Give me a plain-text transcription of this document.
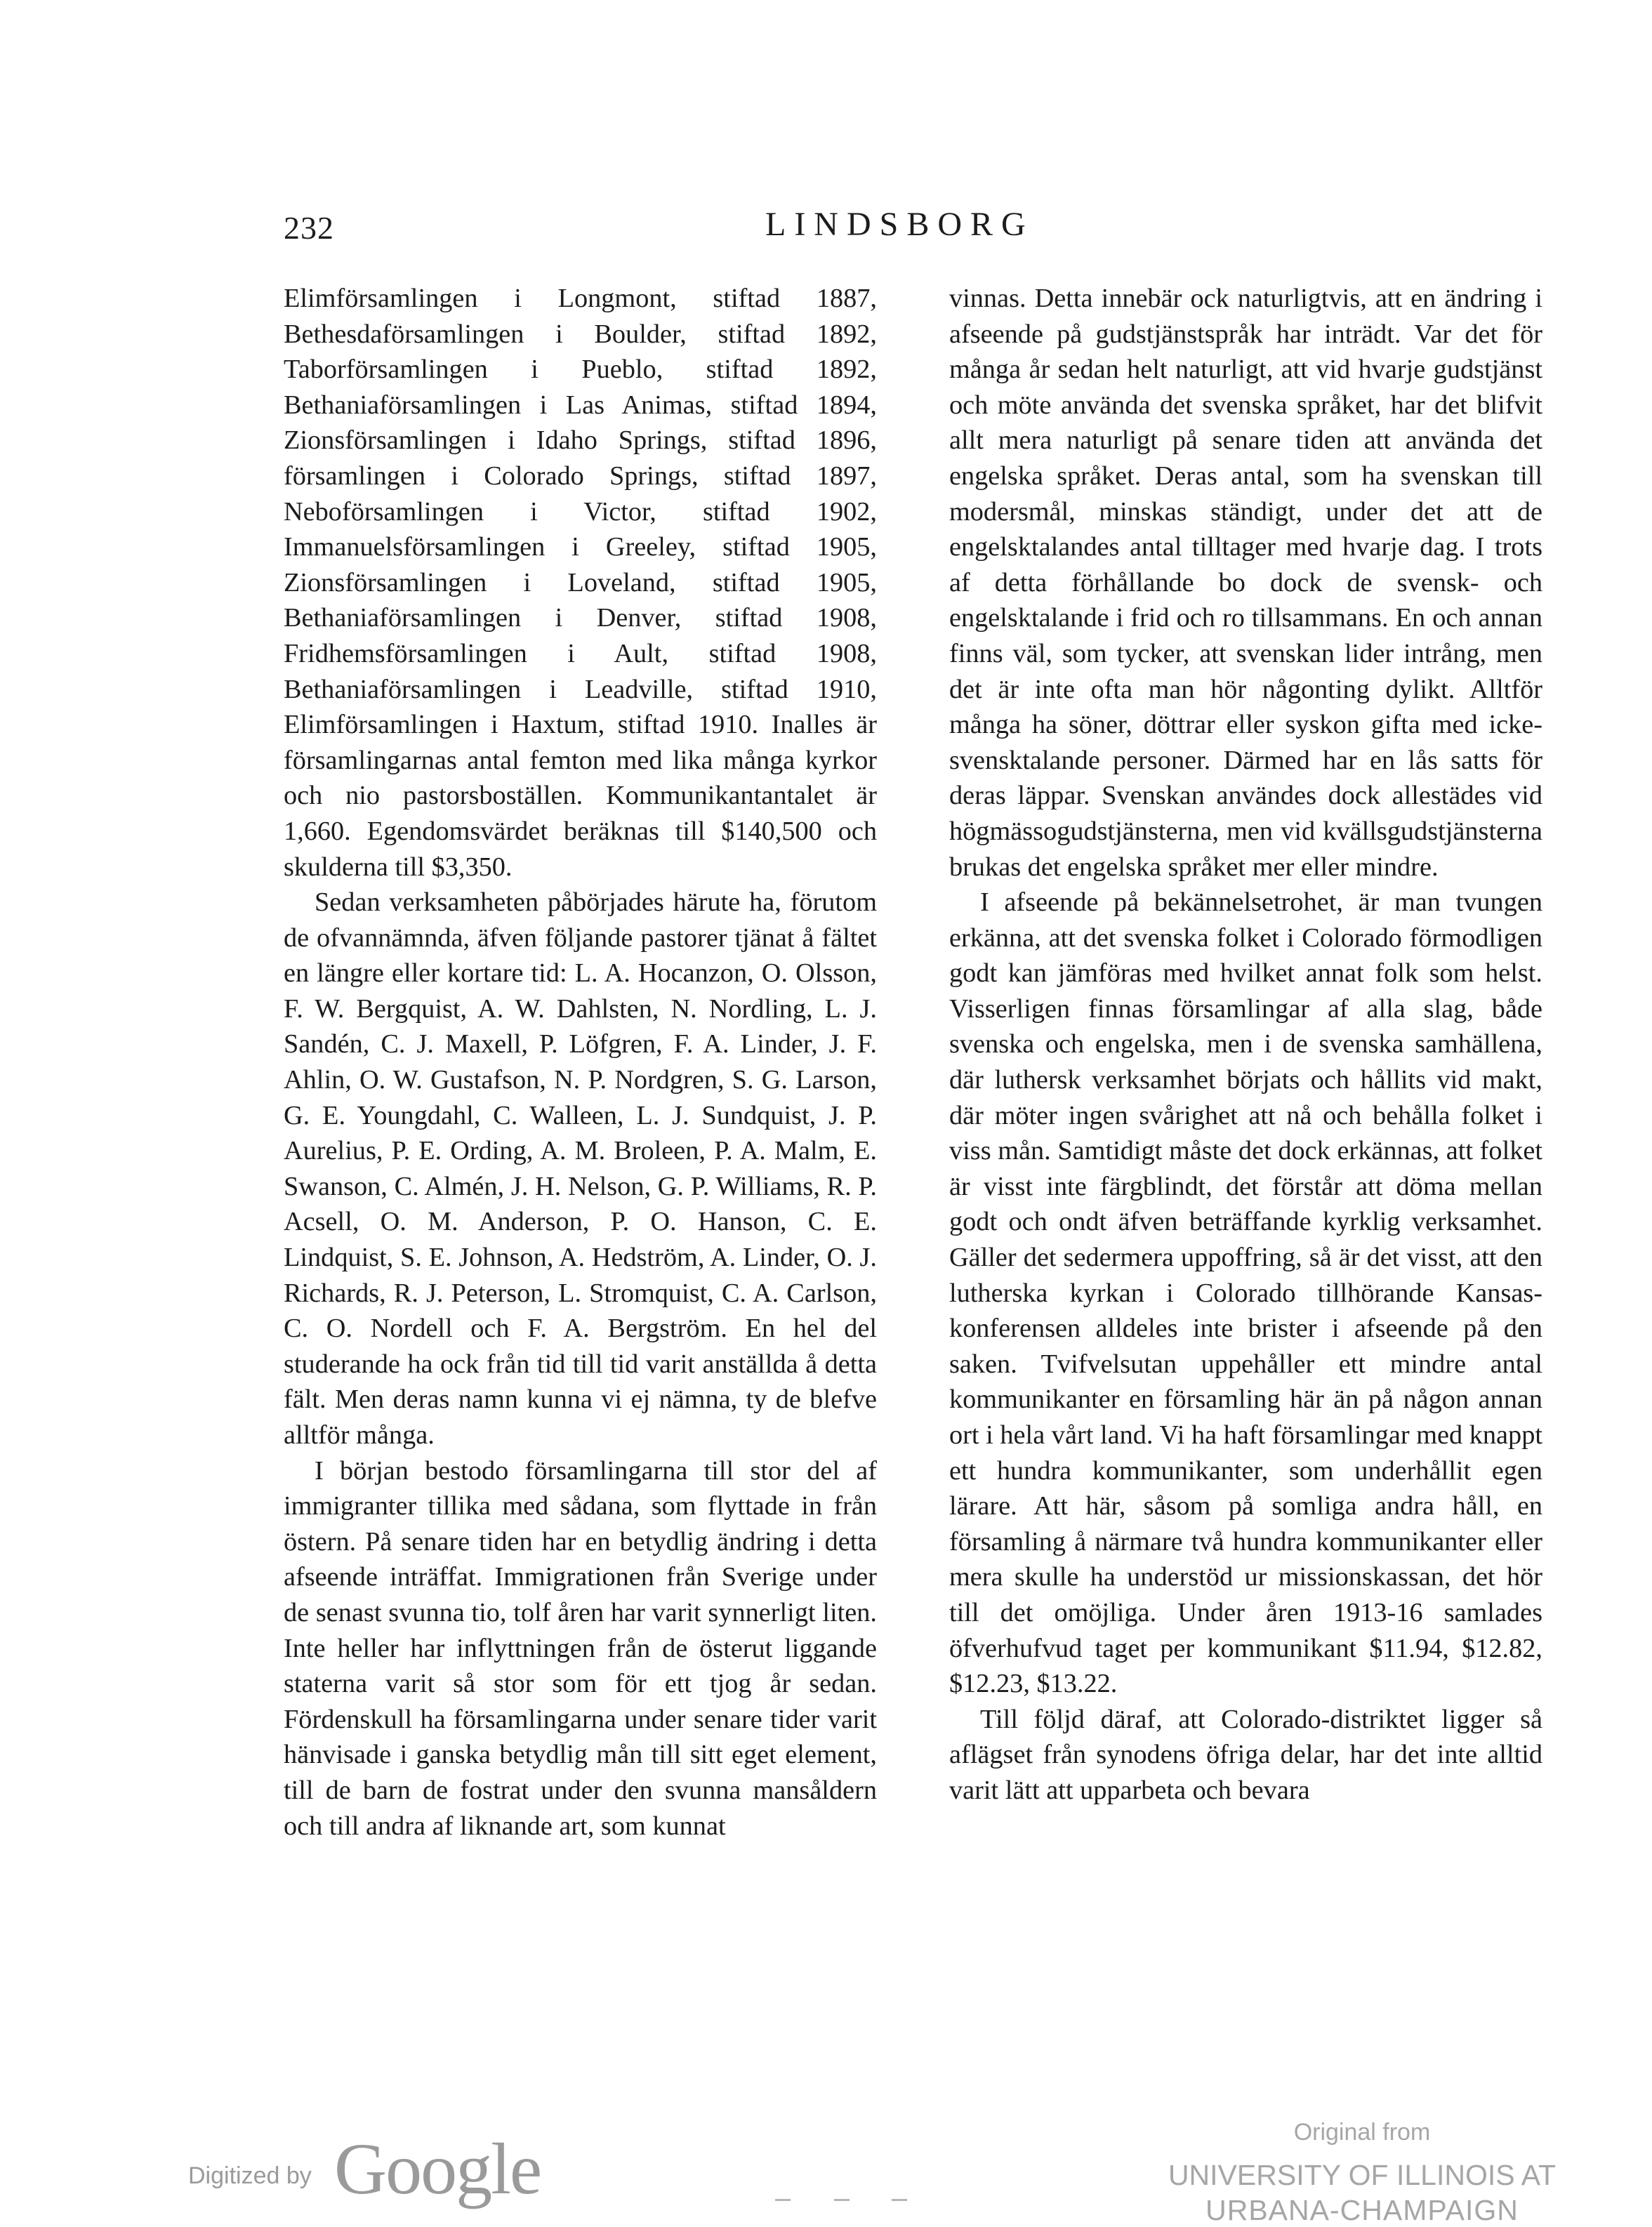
232	LINDSBORG

Elimförsamlingen i Longmont, stiftad 1887, Bethesdaförsamlingen i Boulder, stiftad 1892, Taborförsamlingen i Pueblo, stiftad 1892, Bethaniaförsamlingen i Las Animas, stiftad 1894, Zionsförsamlingen i Idaho Springs, stiftad 1896, församlingen i Colorado Springs, stiftad 1897, Neboförsamlingen i Victor, stiftad 1902, Immanuelsförsamlingen i Greeley, stiftad 1905, Zionsförsamlingen i Loveland, stiftad 1905, Bethaniaförsamlingen i Denver, stiftad 1908, Fridhemsförsamlingen i Ault, stiftad 1908, Bethaniaförsamlingen i Leadville, stiftad 1910, Elimförsamlingen i Haxtum, stiftad 1910. Inalles är församlingarnas antal femton med lika många kyrkor och nio pastorsboställen. Kommunikantantalet är 1,660. Egendomsvärdet beräknas till $140,500 och skulderna till $3,350.

Sedan verksamheten påbörjades härute ha, förutom de ofvannämnda, äfven följande pastorer tjänat å fältet en längre eller kortare tid: L. A. Hocanzon, O. Olsson, F. W. Bergquist, A. W. Dahlsten, N. Nordling, L. J. Sandén, C. J. Maxell, P. Löfgren, F. A. Linder, J. F. Ahlin, O. W. Gustafson, N. P. Nordgren, S. G. Larson, G. E. Youngdahl, C. Walleen, L. J. Sundquist, J. P. Aurelius, P. E. Ording, A. M. Broleen, P. A. Malm, E. Swanson, C. Almén, J. H. Nelson, G. P. Williams, R. P. Acsell, O. M. Anderson, P. O. Hanson, C. E. Lindquist, S. E. Johnson, A. Hedström, A. Linder, O. J. Richards, R. J. Peterson, L. Stromquist, C. A. Carlson, C. O. Nordell och F. A. Bergström. En hel del studerande ha ock från tid till tid varit anställda å detta fält. Men deras namn kunna vi ej nämna, ty de blefve alltför många.

I början bestodo församlingarna till stor del af immigranter tillika med sådana, som flyttade in från östern. På senare tiden har en betydlig ändring i detta afseende inträffat. Immigrationen från Sverige under de senast svunna tio, tolf åren har varit synnerligt liten. Inte heller har inflyttningen från de österut liggande staterna varit så stor som för ett tjog år sedan. Fördenskull ha församlingarna under senare tider varit hänvisade i ganska betydlig mån till sitt eget element, till de barn de fostrat under den svunna mansåldern och till andra af liknande art, som kunnat

vinnas. Detta innebär ock naturligtvis, att en ändring i afseende på gudstjänstspråk har inträdt. Var det för många år sedan helt naturligt, att vid hvarje gudstjänst och möte använda det svenska språket, har det blifvit allt mera naturligt på senare tiden att använda det engelska språket. Deras antal, som ha svenskan till modersmål, minskas ständigt, under det att de engelsktalandes antal tilltager med hvarje dag. I trots af detta förhållande bo dock de svensk- och engelsktalande i frid och ro tillsammans. En och annan finns väl, som tycker, att svenskan lider intrång, men det är inte ofta man hör någonting dylikt. Alltför många ha söner, döttrar eller syskon gifta med icke-svensktalande personer. Därmed har en lås satts för deras läppar. Svenskan användes dock allestädes vid högmässogudstjänsterna, men vid kvällsgudstjänsterna brukas det engelska språket mer eller mindre.

I afseende på bekännelsetrohet, är man tvungen erkänna, att det svenska folket i Colorado förmodligen godt kan jämföras med hvilket annat folk som helst. Visserligen finnas församlingar af alla slag, både svenska och engelska, men i de svenska samhällena, där luthersk verksamhet börjats och hållits vid makt, där möter ingen svårighet att nå och behålla folket i viss mån. Samtidigt måste det dock erkännas, att folket är visst inte färgblindt, det förstår att döma mellan godt och ondt äfven beträffande kyrklig verksamhet. Gäller det sedermera uppoffring, så är det visst, att den lutherska kyrkan i Colorado tillhörande Kansas-konferensen alldeles inte brister i afseende på den saken. Tvifvelsutan uppehåller ett mindre antal kommunikanter en församling här än på någon annan ort i hela vårt land. Vi ha haft församlingar med knappt ett hundra kommunikanter, som underhållit egen lärare. Att här, såsom på somliga andra håll, en församling å närmare två hundra kommunikanter eller mera skulle ha understöd ur missionskassan, det hör till det omöjliga. Under åren 1913-16 samlades öfverhufvud taget per kommunikant $11.94, $12.82, $12.23, $13.22.

Till följd däraf, att Colorado-distriktet ligger så aflägset från synodens öfriga delar, har det inte alltid varit lätt att upparbeta och bevara

Digitized by Google	Original from
UNIVERSITY OF ILLINOIS AT
URBANA-CHAMPAIGN
